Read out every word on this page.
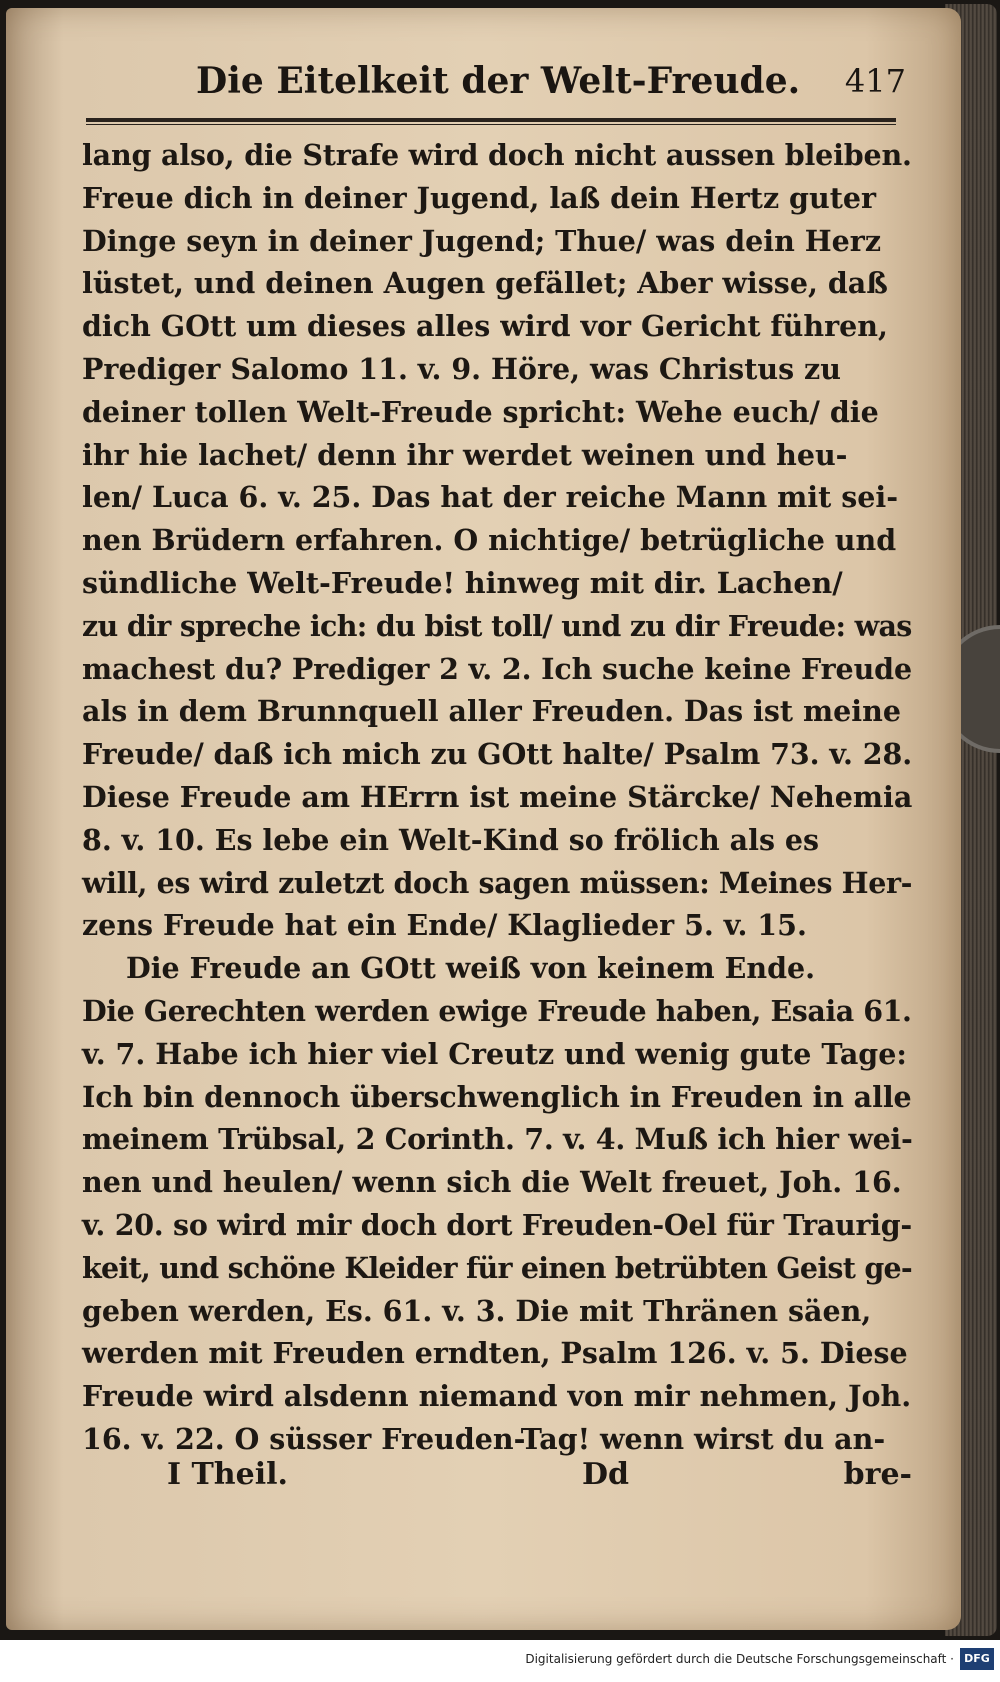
Die Eitelkeit der Welt-Freude.	417
lang also, die Strafe wird doch nicht aussen bleiben.
Freue dich in deiner Jugend, laß dein Hertz guter
Dinge seyn in deiner Jugend; Thue/ was dein Herz
lüstet, und deinen Augen gefället; Aber wisse, daß
dich GOtt um dieses alles wird vor Gericht führen,
Prediger Salomo 11. v. 9. Höre, was Christus zu
deiner tollen Welt-Freude spricht: Wehe euch/ die
ihr hie lachet/ denn ihr werdet weinen und heu-
len/ Luca 6. v. 25. Das hat der reiche Mann mit sei-
nen Brüdern erfahren. O nichtige/ betrügliche und
sündliche Welt-Freude! hinweg mit dir. Lachen/
zu dir spreche ich: du bist toll/ und zu dir Freude: was
machest du? Prediger 2 v. 2. Ich suche keine Freude
als in dem Brunnquell aller Freuden. Das ist meine
Freude/ daß ich mich zu GOtt halte/ Psalm 73. v. 28.
Diese Freude am HErrn ist meine Stärcke/ Nehemia
8. v. 10. Es lebe ein Welt-Kind so frölich als es
will, es wird zuletzt doch sagen müssen: Meines Her-
zens Freude hat ein Ende/ Klaglieder 5. v. 15.
Die Freude an GOtt weiß von keinem Ende.
Die Gerechten werden ewige Freude haben, Esaia 61.
v. 7. Habe ich hier viel Creutz und wenig gute Tage:
Ich bin dennoch überschwenglich in Freuden in alle
meinem Trübsal, 2 Corinth. 7. v. 4. Muß ich hier wei-
nen und heulen/ wenn sich die Welt freuet, Joh. 16.
v. 20. so wird mir doch dort Freuden-Oel für Traurig-
keit, und schöne Kleider für einen betrübten Geist ge-
geben werden, Es. 61. v. 3. Die mit Thränen säen,
werden mit Freuden erndten, Psalm 126. v. 5. Diese
Freude wird alsdenn niemand von mir nehmen, Joh.
16. v. 22. O süsser Freuden-Tag! wenn wirst du an-
I Theil.	Dd	bre-
Digitalisierung gefördert durch die Deutsche Forschungsgemeinschaft · DFG
